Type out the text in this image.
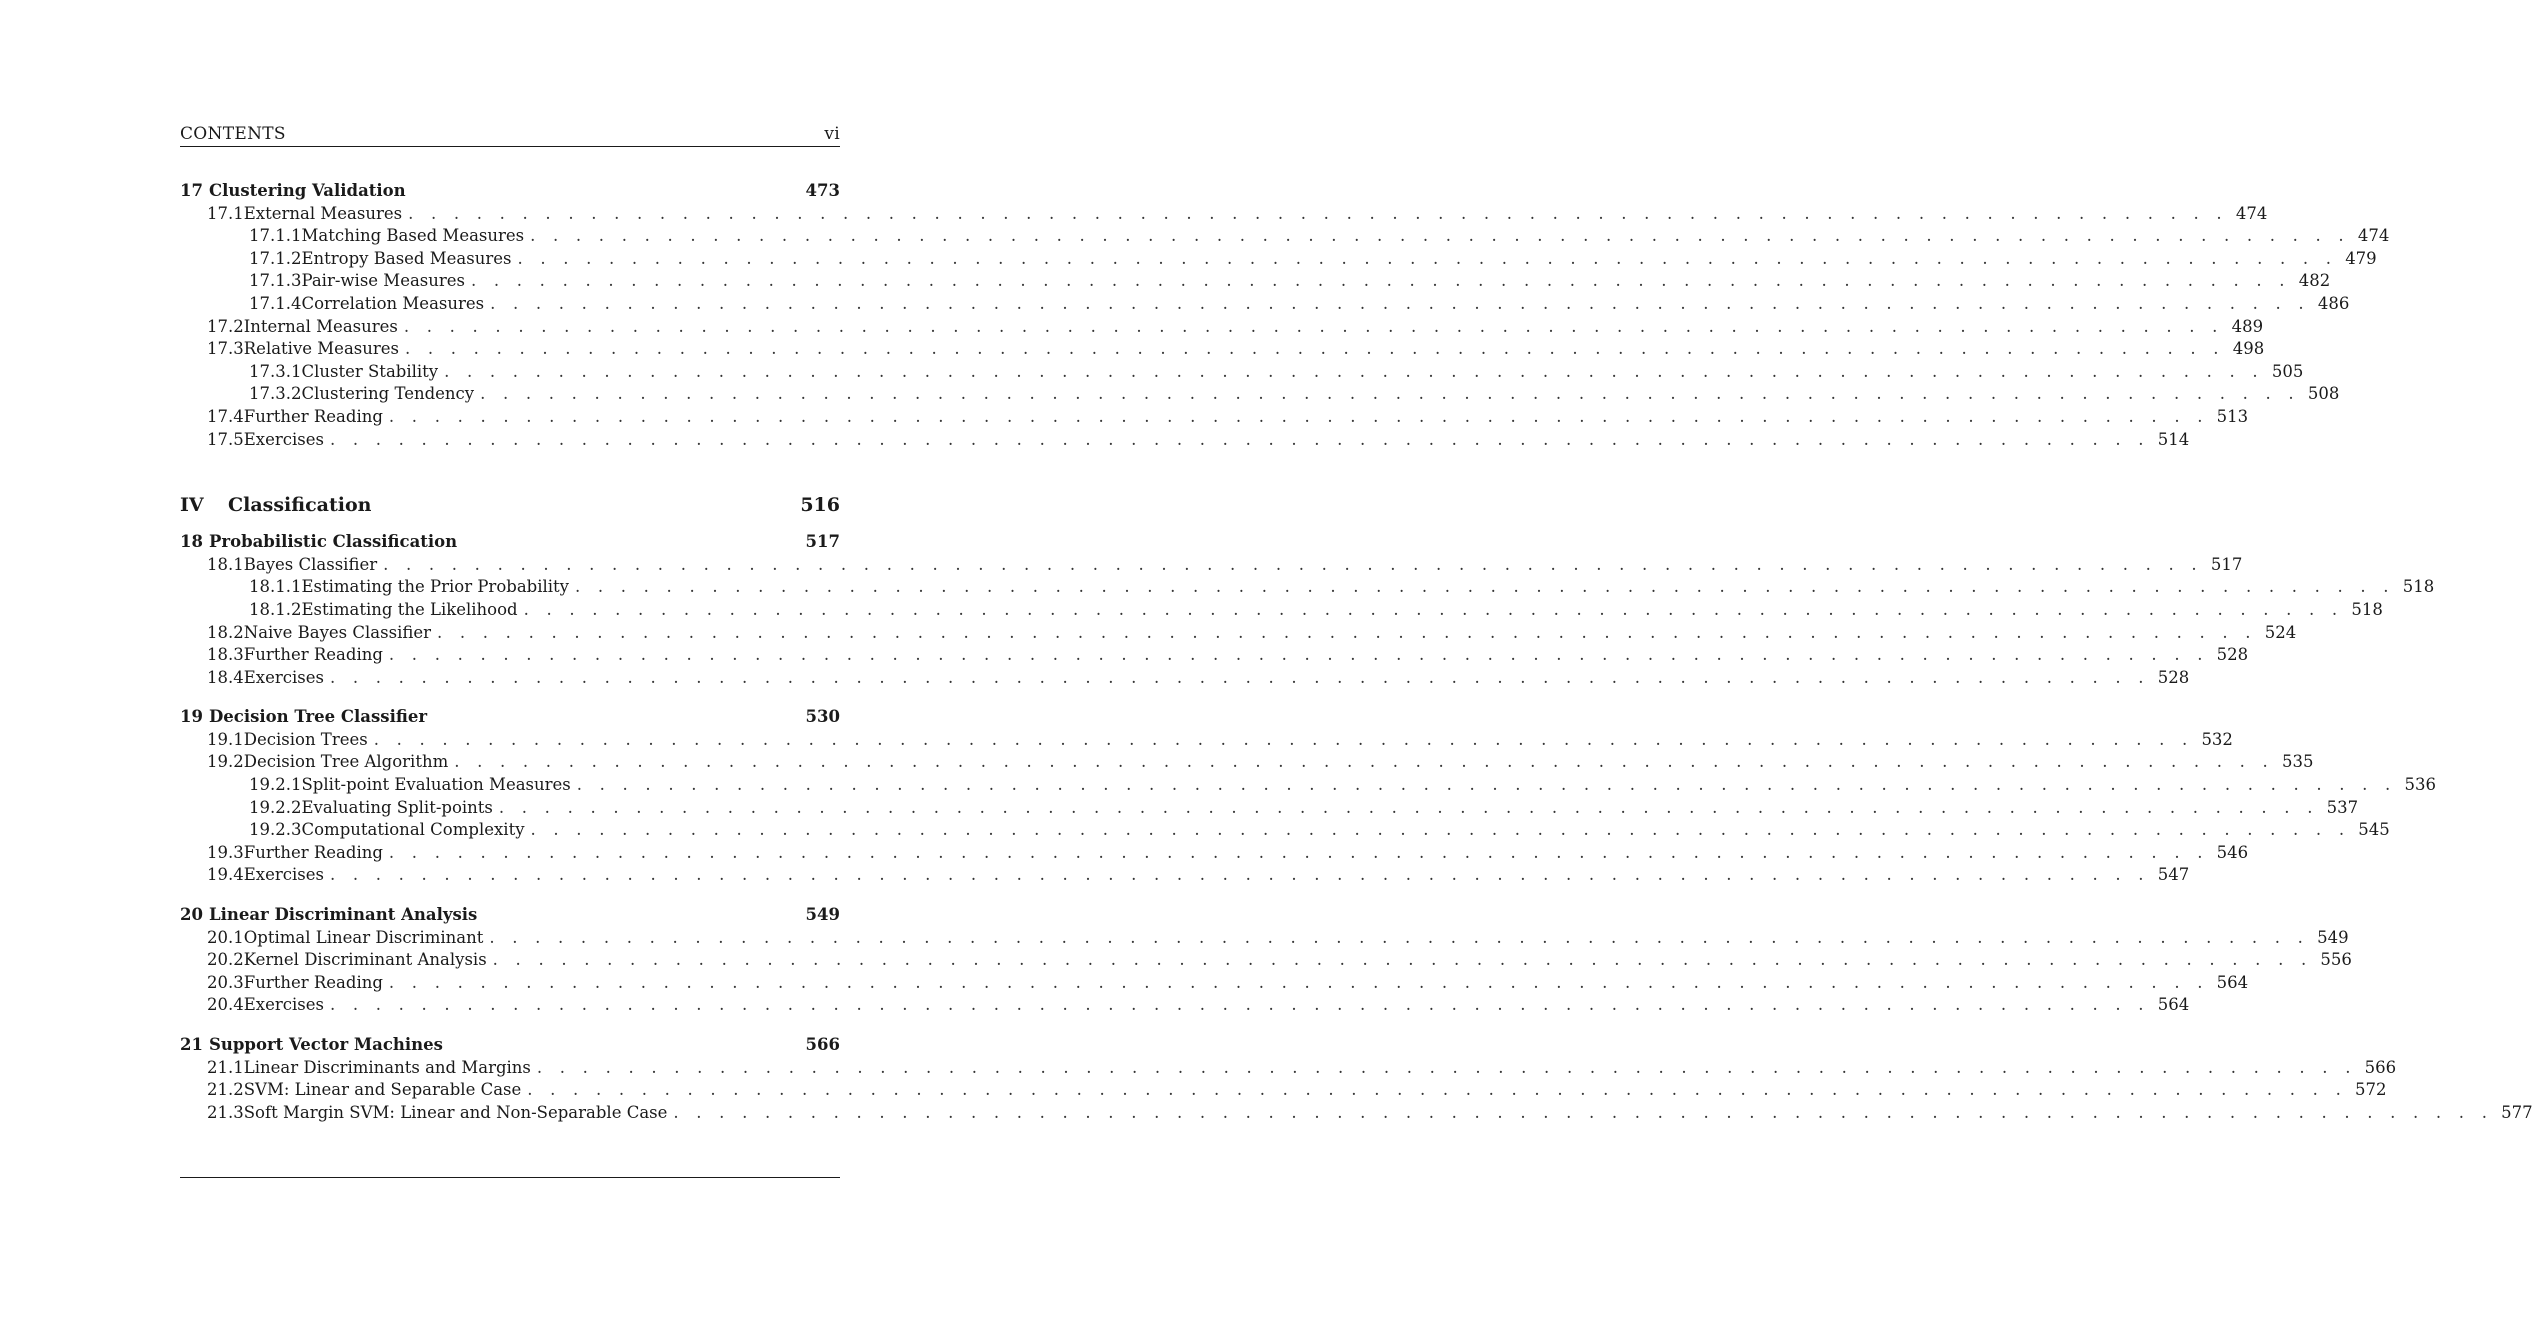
CONTENTS	vi
17 Clustering Validation	473
17.1 External Measures . . . . . . . . . . . . . . . . . . . . . . . . . . . . . . . . . . . . . . . . . . . . . . . . . . . . . . . . . . . . . . . . . . . . . . . . . . . . . . . . 474
17.1.1 Matching Based Measures . . . . . . . . . . . . . . . . . . . . . . . . . . . . . . . . . . . . . . . . . . . . . . . . . . . . . . . . . . . . . . . . . . . . . . . . . . . . . . . . 474
17.1.2 Entropy Based Measures . . . . . . . . . . . . . . . . . . . . . . . . . . . . . . . . . . . . . . . . . . . . . . . . . . . . . . . . . . . . . . . . . . . . . . . . . . . . . . . . 479
17.1.3 Pair-wise Measures . . . . . . . . . . . . . . . . . . . . . . . . . . . . . . . . . . . . . . . . . . . . . . . . . . . . . . . . . . . . . . . . . . . . . . . . . . . . . . . . 482
17.1.4 Correlation Measures . . . . . . . . . . . . . . . . . . . . . . . . . . . . . . . . . . . . . . . . . . . . . . . . . . . . . . . . . . . . . . . . . . . . . . . . . . . . . . . . 486
17.2 Internal Measures . . . . . . . . . . . . . . . . . . . . . . . . . . . . . . . . . . . . . . . . . . . . . . . . . . . . . . . . . . . . . . . . . . . . . . . . . . . . . . . . 489
17.3 Relative Measures . . . . . . . . . . . . . . . . . . . . . . . . . . . . . . . . . . . . . . . . . . . . . . . . . . . . . . . . . . . . . . . . . . . . . . . . . . . . . . . . 498
17.3.1 Cluster Stability . . . . . . . . . . . . . . . . . . . . . . . . . . . . . . . . . . . . . . . . . . . . . . . . . . . . . . . . . . . . . . . . . . . . . . . . . . . . . . . . 505
17.3.2 Clustering Tendency . . . . . . . . . . . . . . . . . . . . . . . . . . . . . . . . . . . . . . . . . . . . . . . . . . . . . . . . . . . . . . . . . . . . . . . . . . . . . . . . 508
17.4 Further Reading . . . . . . . . . . . . . . . . . . . . . . . . . . . . . . . . . . . . . . . . . . . . . . . . . . . . . . . . . . . . . . . . . . . . . . . . . . . . . . . . 513
17.5 Exercises . . . . . . . . . . . . . . . . . . . . . . . . . . . . . . . . . . . . . . . . . . . . . . . . . . . . . . . . . . . . . . . . . . . . . . . . . . . . . . . . 514
IV	Classification	516
18 Probabilistic Classification	517
18.1 Bayes Classifier . . . . . . . . . . . . . . . . . . . . . . . . . . . . . . . . . . . . . . . . . . . . . . . . . . . . . . . . . . . . . . . . . . . . . . . . . . . . . . . . 517
18.1.1 Estimating the Prior Probability . . . . . . . . . . . . . . . . . . . . . . . . . . . . . . . . . . . . . . . . . . . . . . . . . . . . . . . . . . . . . . . . . . . . . . . . . . . . . . . . 518
18.1.2 Estimating the Likelihood . . . . . . . . . . . . . . . . . . . . . . . . . . . . . . . . . . . . . . . . . . . . . . . . . . . . . . . . . . . . . . . . . . . . . . . . . . . . . . . . 518
18.2 Naive Bayes Classifier . . . . . . . . . . . . . . . . . . . . . . . . . . . . . . . . . . . . . . . . . . . . . . . . . . . . . . . . . . . . . . . . . . . . . . . . . . . . . . . . 524
18.3 Further Reading . . . . . . . . . . . . . . . . . . . . . . . . . . . . . . . . . . . . . . . . . . . . . . . . . . . . . . . . . . . . . . . . . . . . . . . . . . . . . . . . 528
18.4 Exercises . . . . . . . . . . . . . . . . . . . . . . . . . . . . . . . . . . . . . . . . . . . . . . . . . . . . . . . . . . . . . . . . . . . . . . . . . . . . . . . . 528
19 Decision Tree Classifier	530
19.1 Decision Trees . . . . . . . . . . . . . . . . . . . . . . . . . . . . . . . . . . . . . . . . . . . . . . . . . . . . . . . . . . . . . . . . . . . . . . . . . . . . . . . . 532
19.2 Decision Tree Algorithm . . . . . . . . . . . . . . . . . . . . . . . . . . . . . . . . . . . . . . . . . . . . . . . . . . . . . . . . . . . . . . . . . . . . . . . . . . . . . . . . 535
19.2.1 Split-point Evaluation Measures . . . . . . . . . . . . . . . . . . . . . . . . . . . . . . . . . . . . . . . . . . . . . . . . . . . . . . . . . . . . . . . . . . . . . . . . . . . . . . . . 536
19.2.2 Evaluating Split-points . . . . . . . . . . . . . . . . . . . . . . . . . . . . . . . . . . . . . . . . . . . . . . . . . . . . . . . . . . . . . . . . . . . . . . . . . . . . . . . . 537
19.2.3 Computational Complexity . . . . . . . . . . . . . . . . . . . . . . . . . . . . . . . . . . . . . . . . . . . . . . . . . . . . . . . . . . . . . . . . . . . . . . . . . . . . . . . . 545
19.3 Further Reading . . . . . . . . . . . . . . . . . . . . . . . . . . . . . . . . . . . . . . . . . . . . . . . . . . . . . . . . . . . . . . . . . . . . . . . . . . . . . . . . 546
19.4 Exercises . . . . . . . . . . . . . . . . . . . . . . . . . . . . . . . . . . . . . . . . . . . . . . . . . . . . . . . . . . . . . . . . . . . . . . . . . . . . . . . . 547
20 Linear Discriminant Analysis	549
20.1 Optimal Linear Discriminant . . . . . . . . . . . . . . . . . . . . . . . . . . . . . . . . . . . . . . . . . . . . . . . . . . . . . . . . . . . . . . . . . . . . . . . . . . . . . . . . 549
20.2 Kernel Discriminant Analysis . . . . . . . . . . . . . . . . . . . . . . . . . . . . . . . . . . . . . . . . . . . . . . . . . . . . . . . . . . . . . . . . . . . . . . . . . . . . . . . . 556
20.3 Further Reading . . . . . . . . . . . . . . . . . . . . . . . . . . . . . . . . . . . . . . . . . . . . . . . . . . . . . . . . . . . . . . . . . . . . . . . . . . . . . . . . 564
20.4 Exercises . . . . . . . . . . . . . . . . . . . . . . . . . . . . . . . . . . . . . . . . . . . . . . . . . . . . . . . . . . . . . . . . . . . . . . . . . . . . . . . . 564
21 Support Vector Machines	566
21.1 Linear Discriminants and Margins . . . . . . . . . . . . . . . . . . . . . . . . . . . . . . . . . . . . . . . . . . . . . . . . . . . . . . . . . . . . . . . . . . . . . . . . . . . . . . . . 566
21.2 SVM: Linear and Separable Case . . . . . . . . . . . . . . . . . . . . . . . . . . . . . . . . . . . . . . . . . . . . . . . . . . . . . . . . . . . . . . . . . . . . . . . . . . . . . . . . 572
21.3 Soft Margin SVM: Linear and Non-Separable Case . . . . . . . . . . . . . . . . . . . . . . . . . . . . . . . . . . . . . . . . . . . . . . . . . . . . . . . . . . . . . . . . . . . . . . . . . . . . . . . . 577
